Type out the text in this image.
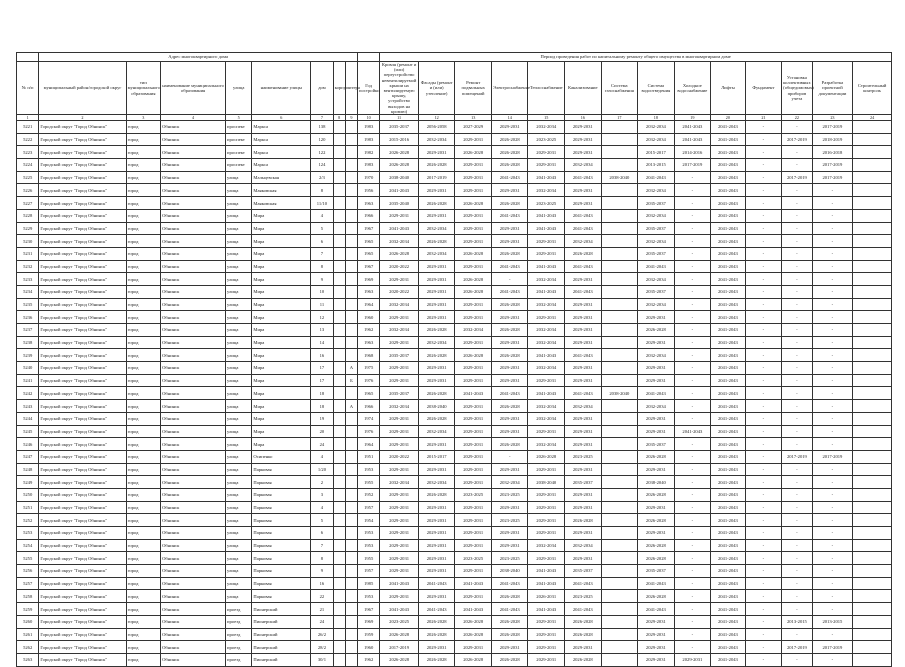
	Адрес многоквартирного дома									Период проведения работ по капитальному ремонту общего имущества в многоквартирном доме													
№ п/п	муниципальный район/городской округ	тип муниципального образования	наименование муниципального образования	улица	наименование улицы	дом	корпус	литера	Год постройки	Кровля (ремонт и (или) переустройство невентилируемой крыши на вентилируемую крышу, устройство выходов на кровлю)	Фасады (ремонт и (или) утепление)	Ремонт подвальных помещений	Электроснабжение	Теплоснабжение	Канализование	Система газоснабжения	Система водоотведения	Холодное водоснабжение	Лифты	Фундамент	Установка коллективных (общедомовых) приборов учета	Разработка проектной документации	Строительный контроль
1	2	3	4	5	6	7	8	9	10	11	12	13	14	15	16	17	18	19	20	21	22	23	24
5221	Городской округ "Город Обнинск"	город	Обнинск	проспект	Маркса	138			1983	2035-2037	2056-2058	2027-2029	2029-2031	2032-2034	2029-2031		2032-2034	2041-2043	2041-2043	-	-	2017-2019	
5222	Городской округ "Город Обнинск"	город	Обнинск	проспект	Маркса	120			1983	2015-2016	2032-2034	2029-2031	2026-2028	2023-2025	2029-2031		2032-2034	2041-2043	2041-2043	-	2017-2019	2018-2019	
5223	Городской округ "Город Обнинск"	город	Обнинск	проспект	Маркса	122			1982	2026-2028	2029-2031	2026-2028	2026-2028	2029-2031	2029-2031		2015-2017	2014-2016	2041-2043	-	-	2016-2018	
5224	Городской округ "Город Обнинск"	город	Обнинск	проспект	Маркса	124			1983	2026-2028	2026-2028	2029-2031	2026-2028	2029-2031	2032-2034		2013-2015	2017-2019	2041-2043	-	-	2017-2019	
5225	Городской округ "Город Обнинск"	город	Обнинск	улица	Мальцевская	2/3			1970	2038-2040	2017-2019	2029-2031	2041-2043	2041-2043	2041-2043	2038-2040	2041-2043	-	2041-2043	-	2017-2019	2017-2019	
5226	Городской округ "Город Обнинск"	город	Обнинск	улица	Маяковская	8			1956	2041-2043	2029-2031	2029-2031	2029-2031	2032-2034	2029-2031		2032-2034	-	2041-2043	-	-	-	
5227	Городской округ "Город Обнинск"	город	Обнинск	улица	Маяковская	11/10			1963	2035-2040	2026-2028	2026-2028	2026-2028	2023-2025	2029-2031		2035-2037	-	2041-2043	-	-	-	
5228	Городской округ "Город Обнинск"	город	Обнинск	улица	Мира	4			1966	2029-2031	2029-2031	2029-2031	2041-2043	2041-2043	2041-2043		2032-2034	-	2041-2043	-	-	-	
5229	Городской округ "Город Обнинск"	город	Обнинск	улица	Мира	5			1967	2041-2043	2032-2034	2029-2031	2029-2031	2041-2043	2041-2043		2035-2037	-	2041-2043	-	-	-	
5230	Городской округ "Город Обнинск"	город	Обнинск	улица	Мира	6			1965	2032-2034	2026-2028	2029-2031	2029-2031	2029-2031	2032-2034		2032-2034	-	2041-2043	-	-	-	
5231	Городской округ "Город Обнинск"	город	Обнинск	улица	Мира	7			1965	2026-2028	2032-2034	2026-2028	2026-2028	2029-2031	2026-2028		2035-2037	-	2041-2043	-	-	-	
5232	Городской округ "Город Обнинск"	город	Обнинск	улица	Мира	8			1967	2020-2022	2029-2031	2029-2031	2041-2043	2041-2043	2041-2043		2041-2043	-	2041-2043	-	-	-	
5233	Городской округ "Город Обнинск"	город	Обнинск	улица	Мира	9			1969	2029-2031	2029-2031	2026-2028	-	2032-2034	2029-2031		2032-2034	-	2041-2043	-	-	-	
5234	Городской округ "Город Обнинск"	город	Обнинск	улица	Мира	10			1963	2020-2022	2029-2031	2026-2028	2041-2043	2041-2043	2041-2043		2035-2037	-	2041-2043	-	-	-	
5235	Городской округ "Город Обнинск"	город	Обнинск	улица	Мира	11			1964	2032-2034	2029-2031	2029-2031	2026-2028	2032-2034	2029-2031		2032-2034	-	2041-2043	-	-	-	
5236	Городской округ "Город Обнинск"	город	Обнинск	улица	Мира	12			1960	2029-2031	2029-2031	2029-2031	2029-2031	2029-2031	2029-2031		2029-2031	-	2041-2043	-	-	-	
5237	Городской округ "Город Обнинск"	город	Обнинск	улица	Мира	13			1962	2032-2034	2026-2028	2032-2034	2026-2028	2032-2034	2029-2031		2026-2028	-	2041-2043	-	-	-	
5238	Городской округ "Город Обнинск"	город	Обнинск	улица	Мира	14			1963	2029-2031	2032-2034	2029-2031	2029-2031	2032-2034	2029-2031		2029-2031	-	2041-2043	-	-	-	
5239	Городской округ "Город Обнинск"	город	Обнинск	улица	Мира	16			1968	2035-2037	2026-2028	2026-2028	2026-2028	2041-2043	2041-2043		2032-2034	-	2041-2043	-	-	-	
5240	Городской округ "Город Обнинск"	город	Обнинск	улица	Мира	17		А	1975	2029-2031	2029-2031	2029-2031	2029-2031	2032-2034	2029-2031		2029-2031	-	2041-2043	-	-	-	
5241	Городской округ "Город Обнинск"	город	Обнинск	улица	Мира	17		Б	1976	2029-2031	2029-2031	2029-2031	2029-2031	2029-2031	2029-2031		2029-2031	-	2041-2043	-	-	-	
5242	Городской округ "Город Обнинск"	город	Обнинск	улица	Мира	18			1965	2035-2037	2026-2028	2041-2043	2041-2043	2041-2043	2041-2043	2038-2040	2041-2043	-	2041-2043	-	-	-	
5243	Городской округ "Город Обнинск"	город	Обнинск	улица	Мира	18		А	1966	2032-2034	2038-2040	2029-2031	2026-2028	2032-2034	2032-2034		2032-2034	-	2041-2043	-	-	-	
5244	Городской округ "Город Обнинск"	город	Обнинск	улица	Мира	19			1974	2029-2031	2026-2028	2029-2031	2029-2031	2032-2034	2029-2031		2029-2031	-	2041-2043	-	-	-	
5245	Городской округ "Город Обнинск"	город	Обнинск	улица	Мира	20			1976	2029-2031	2032-2034	2029-2031	2029-2031	2029-2031	2029-2031		2029-2031	2041-2043	2041-2043	-	-	-	
5246	Городской округ "Город Обнинск"	город	Обнинск	улица	Мира	24			1964	2029-2031	2029-2031	2029-2031	2026-2028	2032-2034	2029-2031		2035-2037	-	2041-2043	-	-	-	
5247	Городской округ "Город Обнинск"	город	Обнинск	улица	Осипенко	4			1951	2020-2022	2015-2017	2029-2031	-	2026-2028	2023-2025		2026-2028	-	2041-2043	-	2017-2019	2017-2019	
5248	Городской округ "Город Обнинск"	город	Обнинск	улица	Парковая	1/20			1953	2029-2031	2029-2031	2029-2031	2029-2031	2029-2031	2029-2031		2029-2031	-	2041-2043	-	-	-	
5249	Городской округ "Город Обнинск"	город	Обнинск	улица	Парковая	2			1955	2032-2034	2032-2034	2029-2031	2032-2034	2038-2040	2035-2037		2038-2040	-	2041-2043	-	-	-	
5250	Городской округ "Город Обнинск"	город	Обнинск	улица	Парковая	3			1952	2029-2031	2026-2028	2023-2025	2023-2025	2029-2031	2029-2031		2026-2028	-	2041-2043	-	-	-	
5251	Городской округ "Город Обнинск"	город	Обнинск	улица	Парковая	4			1957	2029-2031	2029-2031	2029-2031	2029-2031	2029-2031	2029-2031		2029-2031	-	2041-2043	-	-	-	
5252	Городской округ "Город Обнинск"	город	Обнинск	улица	Парковая	5			1954	2029-2031	2029-2031	2029-2031	2023-2025	2029-2031	2026-2028		2026-2028	-	2041-2043	-	-	-	
5253	Городской округ "Город Обнинск"	город	Обнинск	улица	Парковая	6			1953	2029-2031	2029-2031	2029-2031	2029-2031	2029-2031	2029-2031		2029-2031	-	2041-2043	-	-	-	
5254	Городской округ "Город Обнинск"	город	Обнинск	улица	Парковая	7			1953	2029-2031	2029-2031	2029-2031	2029-2031	2032-2034	2032-2034		2026-2028	-	2041-2043	-	-	-	
5255	Городской округ "Город Обнинск"	город	Обнинск	улица	Парковая	8			1955	2029-2031	2029-2031	2023-2025	2023-2025	2029-2031	2029-2031		2026-2028	-	2041-2043	-	-	-	
5256	Городской округ "Город Обнинск"	город	Обнинск	улица	Парковая	9			1957	2029-2031	2029-2031	2029-2031	2038-2040	2041-2043	2035-2037		2035-2037	-	2041-2043	-	-	-	
5257	Городской округ "Город Обнинск"	город	Обнинск	улица	Парковая	16			1985	2041-2043	2041-2043	2041-2043	2041-2043	2041-2043	2041-2043		2041-2043	-	2041-2043	-	-	-	
5258	Городской округ "Город Обнинск"	город	Обнинск	улица	Парковая	22			1953	2029-2031	2029-2031	2029-2031	2026-2028	2026-2031	2023-2025		2026-2028	-	2041-2043	-	-	-	
5259	Городской округ "Город Обнинск"	город	Обнинск	проезд	Пионерский	21			1967	2041-2043	2041-2043	2041-2043	2041-2043	2041-2043	2041-2043		2041-2043	-	2041-2043	-	-	-	
5260	Городской округ "Город Обнинск"	город	Обнинск	проезд	Пионерский	24			1969	2023-2025	2026-2028	2026-2028	2026-2028	2029-2031	2026-2028		2029-2031	-	2041-2043	-	2013-2015	2013-2015	
5261	Городской округ "Город Обнинск"	город	Обнинск	проезд	Пионерский	26/2			1959	2026-2028	2026-2028	2026-2028	2026-2028	2029-2031	2026-2028		2029-2031	-	2041-2043	-	-	-	
5262	Городской округ "Город Обнинск"	город	Обнинск	проезд	Пионерский	28/2			1960	2017-2019	2029-2031	2029-2031	2029-2031	2029-2031	2029-2031		2029-2031	-	2041-2043	-	2017-2019	2017-2019	
5263	Городской округ "Город Обнинск"	город	Обнинск	проезд	Пионерский	30/1			1962	2026-2028	2026-2028	2026-2028	2026-2028	2029-2031	2026-2028		2029-2031	2029-2031	2041-2043	-	-	-	
